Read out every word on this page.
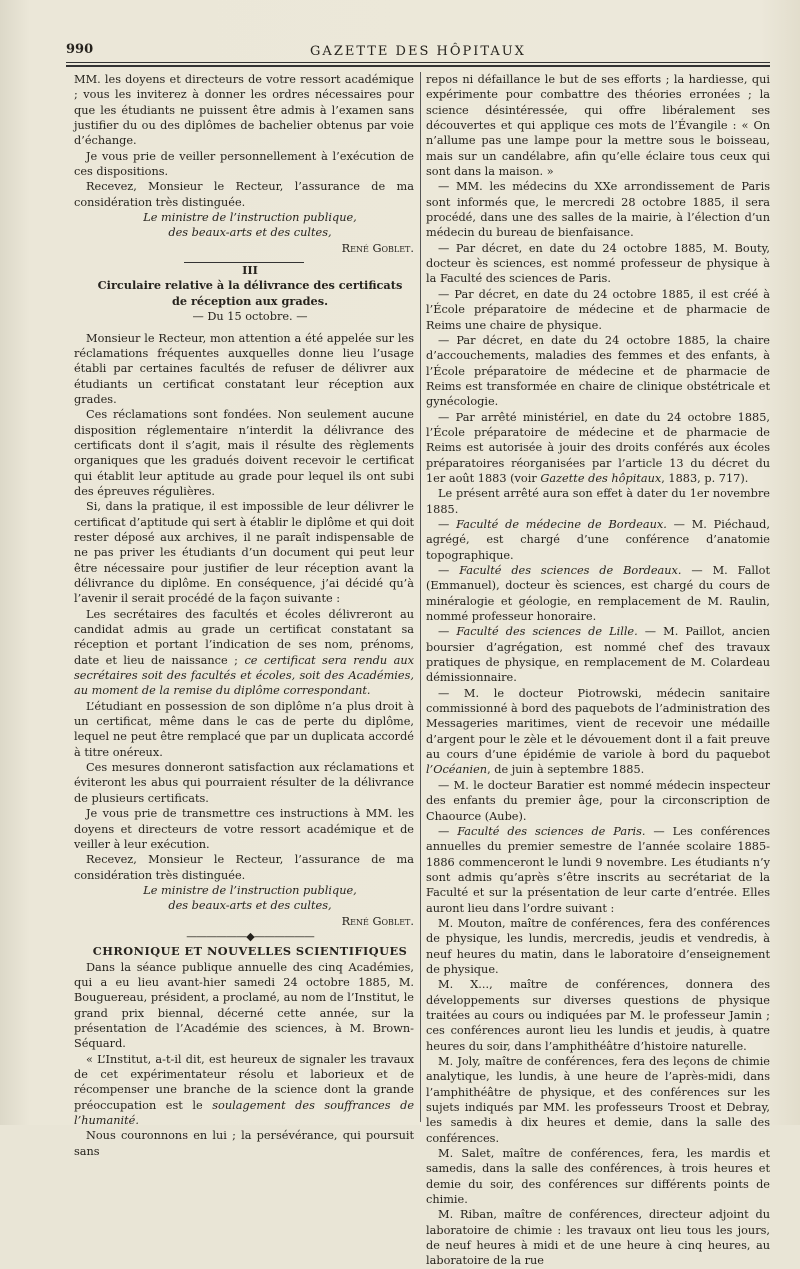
990	GAZETTE DES HÔPITAUX

MM. les doyens et directeurs de votre ressort académique ; vous les inviterez à donner les ordres nécessaires pour que les étudiants ne puissent être admis à l’examen sans justifier du ou des diplômes de bachelier obtenus par voie d’échange.

Je vous prie de veiller personnellement à l’exécution de ces dispositions.

Recevez, Monsieur le Recteur, l’assurance de ma considération très distinguée.

Le ministre de l’instruction publique,

des beaux-arts et des cultes,

René Goblet.

III

Circulaire relative à la délivrance des certificats

de réception aux grades.

— Du 15 octobre. —

Monsieur le Recteur, mon attention a été appelée sur les réclamations fréquentes auxquelles donne lieu l’usage établi par certaines facultés de refuser de délivrer aux étudiants un certificat constatant leur réception aux grades.

Ces réclamations sont fondées. Non seulement aucune disposition réglementaire n’interdit la délivrance des certificats dont il s’agit, mais il résulte des règlements organiques que les gradués doivent recevoir le certificat qui établit leur aptitude au grade pour lequel ils ont subi des épreuves régulières.

Si, dans la pratique, il est impossible de leur délivrer le certificat d’aptitude qui sert à établir le diplôme et qui doit rester déposé aux archives, il ne paraît indispensable de ne pas priver les étudiants d’un document qui peut leur être nécessaire pour justifier de leur réception avant la délivrance du diplôme. En conséquence, j’ai décidé qu’à l’avenir il serait procédé de la façon suivante :

Les secrétaires des facultés et écoles délivreront au candidat admis au grade un certificat constatant sa réception et portant l’indication de ses nom, prénoms, date et lieu de naissance ; ce certificat sera rendu aux secrétaires soit des facultés et écoles, soit des Académies, au moment de la remise du diplôme correspondant.

L’étudiant en possession de son diplôme n’a plus droit à un certificat, même dans le cas de perte du diplôme, lequel ne peut être remplacé que par un duplicata accordé à titre onéreux.

Ces mesures donneront satisfaction aux réclamations et éviteront les abus qui pourraient résulter de la délivrance de plusieurs certificats.

Je vous prie de transmettre ces instructions à MM. les doyens et directeurs de votre ressort académique et de veiller à leur exécution.

Recevez, Monsieur le Recteur, l’assurance de ma considération très distinguée.

Le ministre de l’instruction publique,

des beaux-arts et des cultes,

René Goblet.

——————◆——————

CHRONIQUE ET NOUVELLES SCIENTIFIQUES

Dans la séance publique annuelle des cinq Académies, qui a eu lieu avant-hier samedi 24 octobre 1885, M. Bouguereau, président, a proclamé, au nom de l’Institut, le grand prix biennal, décerné cette année, sur la présentation de l’Académie des sciences, à M. Brown-Séquard.

« L’Institut, a-t-il dit, est heureux de signaler les travaux de cet expérimentateur résolu et laborieux et de récompenser une branche de la science dont la grande préoccupation est le soulagement des souffrances de l’humanité.

Nous couronnons en lui ; la persévérance, qui poursuit sans

repos ni défaillance le but de ses efforts ; la hardiesse, qui expérimente pour combattre des théories erronées ; la science désintéressée, qui offre libéralement ses découvertes et qui applique ces mots de l’Évangile : « On n’allume pas une lampe pour la mettre sous le boisseau, mais sur un candélabre, afin qu’elle éclaire tous ceux qui sont dans la maison. »

— MM. les médecins du XXe arrondissement de Paris sont informés que, le mercredi 28 octobre 1885, il sera procédé, dans une des salles de la mairie, à l’élection d’un médecin du bureau de bienfaisance.

— Par décret, en date du 24 octobre 1885, M. Bouty, docteur ès sciences, est nommé professeur de physique à la Faculté des sciences de Paris.

— Par décret, en date du 24 octobre 1885, il est créé à l’École préparatoire de médecine et de pharmacie de Reims une chaire de physique.

— Par décret, en date du 24 octobre 1885, la chaire d’accouchements, maladies des femmes et des enfants, à l’École préparatoire de médecine et de pharmacie de Reims est transformée en chaire de clinique obstétricale et gynécologie.

— Par arrêté ministériel, en date du 24 octobre 1885, l’École préparatoire de médecine et de pharmacie de Reims est autorisée à jouir des droits conférés aux écoles préparatoires réorganisées par l’article 13 du décret du 1er août 1883 (voir Gazette des hôpitaux, 1883, p. 717).

Le présent arrêté aura son effet à dater du 1er novembre 1885.

— Faculté de médecine de Bordeaux. — M. Piéchaud, agrégé, est chargé d’une conférence d’anatomie topographique.

— Faculté des sciences de Bordeaux. — M. Fallot (Emmanuel), docteur ès sciences, est chargé du cours de minéralogie et géologie, en remplacement de M. Raulin, nommé professeur honoraire.

— Faculté des sciences de Lille. — M. Paillot, ancien boursier d’agrégation, est nommé chef des travaux pratiques de physique, en remplacement de M. Colardeau démissionnaire.

— M. le docteur Piotrowski, médecin sanitaire commissionné à bord des paquebots de l’administration des Messageries maritimes, vient de recevoir une médaille d’argent pour le zèle et le dévouement dont il a fait preuve au cours d’une épidémie de variole à bord du paquebot l’Océanien, de juin à septembre 1885.

— M. le docteur Baratier est nommé médecin inspecteur des enfants du premier âge, pour la circonscription de Chaource (Aube).

— Faculté des sciences de Paris. — Les conférences annuelles du premier semestre de l’année scolaire 1885-1886 commenceront le lundi 9 novembre. Les étudiants n’y sont admis qu’après s’être inscrits au secrétariat de la Faculté et sur la présentation de leur carte d’entrée. Elles auront lieu dans l’ordre suivant :

M. Mouton, maître de conférences, fera des conférences de physique, les lundis, mercredis, jeudis et vendredis, à neuf heures du matin, dans le laboratoire d’enseignement de physique.

M. X..., maître de conférences, donnera des développements sur diverses questions de physique traitées au cours ou indiquées par M. le professeur Jamin ; ces conférences auront lieu les lundis et jeudis, à quatre heures du soir, dans l’amphithéâtre d’histoire naturelle.

M. Joly, maître de conférences, fera des leçons de chimie analytique, les lundis, à une heure de l’après-midi, dans l’amphithéâtre de physique, et des conférences sur les sujets indiqués par MM. les professeurs Troost et Debray, les samedis à dix heures et demie, dans la salle des conférences.

M. Salet, maître de conférences, fera, les mardis et samedis, dans la salle des conférences, à trois heures et demie du soir, des conférences sur différents points de chimie.

M. Riban, maître de conférences, directeur adjoint du laboratoire de chimie : les travaux ont lieu tous les jours, de neuf heures à midi et de une heure à cinq heures, au laboratoire de la rue
